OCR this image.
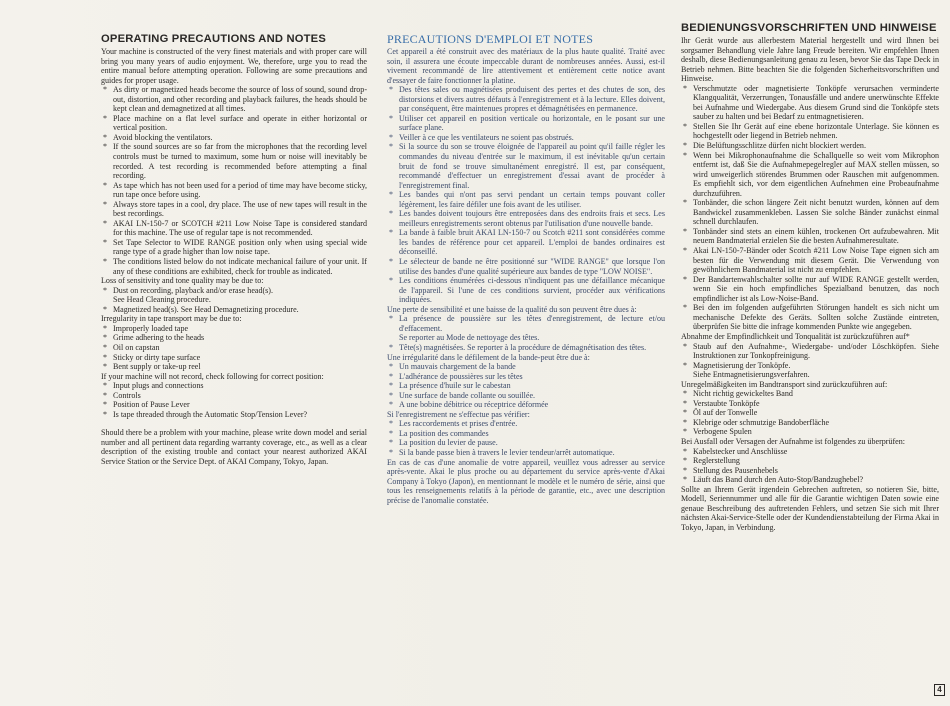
OPERATING PRECAUTIONS AND NOTES

Your machine is constructed of the very finest materials and with proper care will bring you many years of audio enjoyment. We, therefore, urge you to read the entire manual before attempting operation. Following are some precautions and guides for proper usage.

* As dirty or magnetized heads become the source of loss of sound, sound drop-out, distortion, and other recording and playback failures, the heads should be kept clean and demagnetized at all times.
* Place machine on a flat level surface and operate in either horizontal or vertical position.
* Avoid blocking the ventilators.
* If the sound sources are so far from the microphones that the recording level controls must be turned to maximum, some hum or noise will inevitably be recorded. A test recording is recommended before attempting a final recording.
* As tape which has not been used for a period of time may have become sticky, run tape once before using.
* Always store tapes in a cool, dry place. The use of new tapes will result in the best recordings.
* AKAI LN-150-7 or SCOTCH #211 Low Noise Tape is considered standard for this machine. The use of regular tape is not recommended.
* Set Tape Selector to WIDE RANGE position only when using special wide range type of a grade higher than low noise tape.
* The conditions listed below do not indicate mechanical failure of your unit. If any of these conditions are exhibited, check for trouble as indicated.

Loss of sensitivity and tone quality may be due to:

* Dust on recording, playback and/or erase head(s).
See Head Cleaning procedure.
* Magnetized head(s). See Head Demagnetizing procedure.

Irregularity in tape transport may be due to:

* Improperly loaded tape
* Grime adhering to the heads
* Oil on capstan
* Sticky or dirty tape surface
* Bent supply or take-up reel

If your machine will not record, check following for correct position:

* Input plugs and connections
* Controls
* Position of Pause Lever
* Is tape threaded through the Automatic Stop/Tension Lever?

Should there be a problem with your machine, please write down model and serial number and all pertinent data regarding warranty coverage, etc., as well as a clear description of the existing trouble and contact your nearest authorized AKAI Service Station or the Service Dept. of AKAI Company, Tokyo, Japan.

PRECAUTIONS D'EMPLOI ET NOTES

Cet appareil a été construit avec des matériaux de la plus haute qualité. Traité avec soin, il assurera une écoute impeccable durant de nombreuses années. Aussi, est-il vivement recommandé de lire attentivement et entièrement cette notice avant d'essayer de faire fonctionner la platine.

* Des têtes sales ou magnétisées produisent des pertes et des chutes de son, des distorsions et divers autres défauts à l'enregistrement et à la lecture. Elles doivent, par conséquent, être maintenues propres et démagnétisées en permanence.
* Utiliser cet appareil en position verticale ou horizontale, en le posant sur une surface plane.
* Veiller à ce que les ventilateurs ne soient pas obstrués.
* Si la source du son se trouve éloignée de l'appareil au point qu'il faille régler les commandes du niveau d'entrée sur le maximum, il est inévitable qu'un certain bruit de fond se trouve simultanément enregistré. Il est, par conséquent, recommandé d'effectuer un enregistrement d'essai avant de procéder à l'enregistrement final.
* Les bandes qui n'ont pas servi pendant un certain temps pouvant coller légèrement, les faire défiler une fois avant de les utiliser.
* Les bandes doivent toujours être entreposées dans des endroits frais et secs. Les meilleurs enregistrements seront obtenus par l'utilisation d'une nouvelle bande.
* La bande à faible bruit AKAI LN-150-7 ou Scotch #211 sont considérées comme les bandes de référence pour cet appareil. L'emploi de bandes ordinaires est déconseillé.
* Le sélecteur de bande ne être positionné sur "WIDE RANGE" que lorsque l'on utilise des bandes d'une qualité supérieure aux bandes de type "LOW NOISE".
* Les conditions énumérées ci-dessous n'indiquent pas une défaillance mécanique de l'appareil. Si l'une de ces conditions survient, procéder aux vérifications indiquées.

Une perte de sensibilité et une baisse de la qualité du son peuvent être dues à:

* La présence de poussière sur les têtes d'enregistrement, de lecture et/ou d'effacement.
Se reporter au Mode de nettoyage des têtes.
* Tête(s) magnétisées. Se reporter à la procédure de démagnétisation des têtes.

Une irrégularité dans le défilement de la bande-peut être due à:

* Un mauvais chargement de la bande
* L'adhérance de poussières sur les têtes
* La présence d'huile sur le cabestan
* Une surface de bande collante ou souillée.
* A une bobine débitrice ou réceptrice déformée

Si l'enregistrement ne s'effectue pas vérifier:

* Les raccordements et prises d'entrée.
* La position des commandes
* La position du levier de pause.
* Si la bande passe bien à travers le levier tendeur/arrêt automatique.

En cas de cas d'une anomalie de votre appareil, veuillez vous adresser au service après-vente. Akai le plus proche ou au département du service après-vente d'Akai Company à Tokyo (Japon), en mentionnant le modèle et le numéro de série, ainsi que tous les renseignements relatifs à la période de garantie, etc., avec une description précise de l'anomalie constatée.

BEDIENUNGSVORSCHRIFTEN UND HINWEISE

Ihr Gerät wurde aus allerbestem Material hergestellt und wird Ihnen bei sorgsamer Behandlung viele Jahre lang Freude bereiten. Wir empfehlen Ihnen deshalb, diese Bedienungsanleitung genau zu lesen, bevor Sie das Tape Deck in Betrieb nehmen. Bitte beachten Sie die folgenden Sicherheitsvorschriften und Hinweise.

* Verschmutzte oder magnetisierte Tonköpfe verursachen verminderte Klangqualität, Verzerrungen, Tonausfälle und andere unerwünschte Effekte bei Aufnahme und Wiedergabe. Aus diesem Grund sind die Tonköpfe stets sauber zu halten und bei Bedarf zu entmagnetisieren.
* Stellen Sie Ihr Gerät auf eine ebene horizontale Unterlage. Sie können es hochgestellt oder liegend in Betrieb nehmen.
* Die Belüftungsschlitze dürfen nicht blockiert werden.
* Wenn bei Mikrophonaufnahme die Schallquelle so weit vom Mikrophon entfernt ist, daß Sie die Aufnahmepegelregler auf MAX stellen müssen, so wird unweigerlich störendes Brummen oder Rauschen mit aufgenommen. Es empfiehlt sich, vor dem eigentlichen Aufnehmen eine Probeaufnahme durchzuführen.
* Tonbänder, die schon längere Zeit nicht benutzt wurden, können auf dem Bandwickel zusammenkleben. Lassen Sie solche Bänder zunächst einmal schnell durchlaufen.
* Tonbänder sind stets an einem kühlen, trockenen Ort aufzubewahren. Mit neuem Bandmaterial erzielen Sie die besten Aufnahmeresultate.
* Akai LN-150-7-Bänder oder Scotch #211 Low Noise Tape eignen sich am besten für die Verwendung mit diesem Gerät. Die Verwendung von gewöhnlichem Bandmaterial ist nicht zu empfehlen.
* Der Bandartenwahlschalter sollte nur auf WIDE RANGE gestellt werden, wenn Sie ein hoch empfindliches Spezialband benutzen, das noch empfindlicher ist als Low-Noise-Band.
* Bei den im folgenden aufgeführten Störungen handelt es sich nicht um mechanische Defekte des Geräts. Sollten solche Zustände eintreten, überprüfen Sie bitte die infrage kommenden Punkte wie angegeben.

Abnahme der Empfindlichkeit und Tonqualität ist zurückzuführen auf*

* Staub auf den Aufnahme-, Wiedergabe- und/oder Löschköpfen. Siehe Instruktionen zur Tonkopfreinigung.
* Magnetisierung der Tonköpfe.
Siehe Entmagnetisierungsverfahren.

Unregelmäßigkeiten im Bandtransport sind zurückzuführen auf:

* Nicht richtig gewickeltes Band
* Verstaubte Tonköpfe
* Öl auf der Tonwelle
* Klebrige oder schmutzige Bandoberfläche
* Verbogene Spulen

Bei Ausfall oder Versagen der Aufnahme ist folgendes zu überprüfen:

* Kabelstecker und Anschlüsse
* Reglerstellung
* Stellung des Pausenhebels
* Läuft das Band durch den Auto-Stop/Bandzughebel?

Sollte an Ihrem Gerät irgendein Gebrechen auftreten, so notieren Sie, bitte, Modell, Seriennummer und alle für die Garantie wichtigen Daten sowie eine genaue Beschreibung des auftretenden Fehlers, und setzen Sie sich mit Ihrer nächsten Akai-Service-Stelle oder der Kundendienstabteilung der Firma Akai in Tokyo, Japan, in Verbindung.

4
